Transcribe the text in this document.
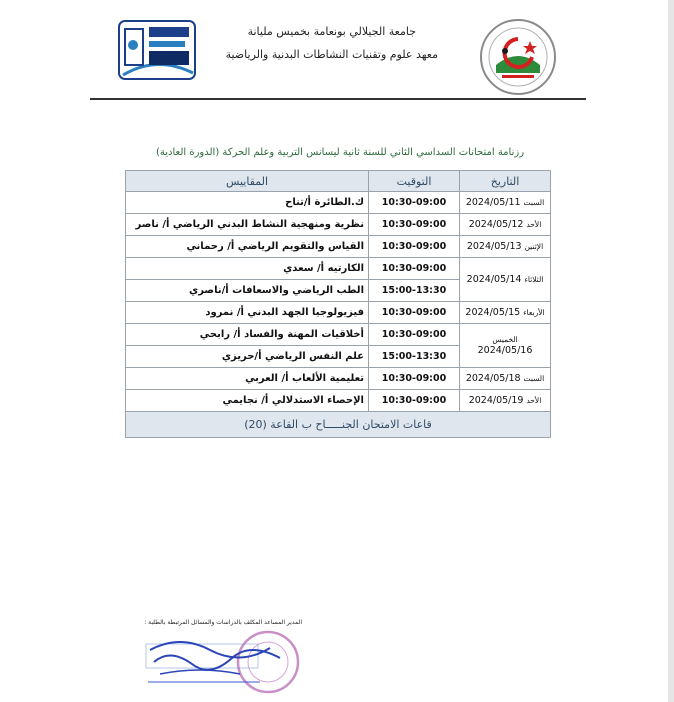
جامعة الجيلالي بونعامة بخميس مليانة
معهد علوم وتقنيات النشاطات البدنية والرياضية
رزنامة امتحانات السداسي الثاني للسنة ثانية ليسانس التربية وعلم الحركة (الدورة العادية)
التاريخ	التوقيت	المقاييس
السبت 2024/05/11	10:30-09:00	ك.الطائرة أ/تناح
الأحد 2024/05/12	10:30-09:00	نظرية ومنهجية النشاط البدني الرياضي أ/ ناصر
الإثنين 2024/05/13	10:30-09:00	القياس والتقويم الرياضي أ/ رحماني
الثلاثاء 2024/05/14	10:30-09:00	الكارتيه أ/ سعدي
	15:00-13:30	الطب الرياضي والاسعافات أ/ناصري
الأربعاء 2024/05/15	10:30-09:00	فيزيولوجيا الجهد البدني أ/ نمرود
الخميس
2024/05/16	10:30-09:00	أخلاقيات المهنة والفساد أ/ رابحي
	15:00-13:30	علم النفس الرياضي أ/حريزي
السبت 2024/05/18	10:30-09:00	تعليمية الألعاب أ/ العربي
الأحد 2024/05/19	10:30-09:00	الإحصاء الاستدلالي أ/ نجايمي
قاعات الامتحان الجنـــــاح ب القاعة (20)		
المدير المساعد المكلف بالدراسات والمسائل المرتبطة بالطلبة :
